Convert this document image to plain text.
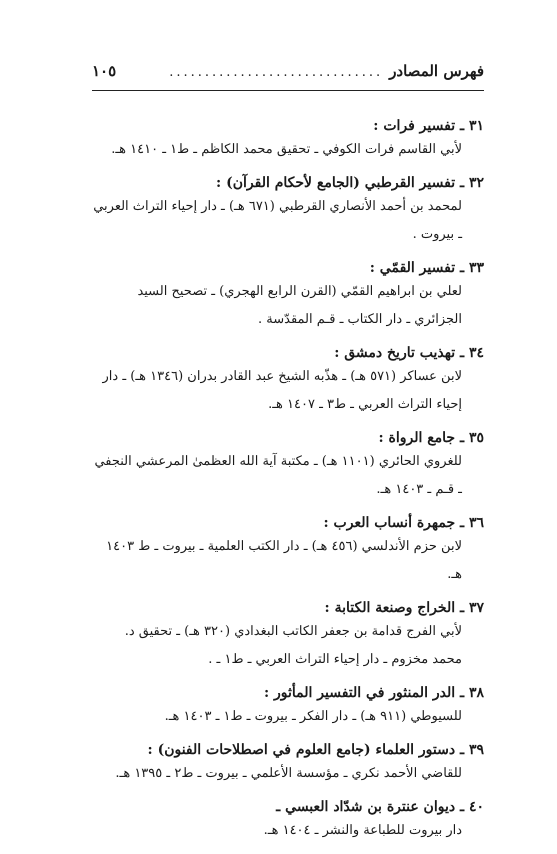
فهرس المصادر
..............................
١٠٥
٣١ ـ تفسير فرات :
لأبي القاسم فرات الكوفي ـ تحقيق محمد الكاظم ـ ط١ ـ ١٤١٠ هـ.
٣٢ ـ تفسير القرطبي (الجامع لأحكام القرآن) :
لمحمد بن أحمد الأنصاري القرطبي (٦٧١ هـ) ـ دار إحياء التراث العربي ـ بيروت .
٣٣ ـ تفسير القمّي :
لعلي بن ابراهيم القمّي (القرن الرابع الهجري) ـ تصحيح السيد الجزائري ـ دار الكتاب ـ قـم المقدّسة .
٣٤ ـ تهذيب تاريخ دمشق :
لابن عساكر (٥٧١ هـ) ـ هذّبه الشيخ عبد القادر بدران (١٣٤٦ هـ) ـ دار إحياء التراث العربي ـ ط٣ ـ ١٤٠٧ هـ.
٣٥ ـ جامع الرواة :
للغروي الحائري (١١٠١ هـ) ـ مكتبة آية الله العظمىٰ المرعشي النجفي ـ قـم ـ ١٤٠٣ هـ.
٣٦ ـ جمهرة أنساب العرب :
لابن حزم الأندلسي (٤٥٦ هـ) ـ دار الكتب العلمية ـ بيروت ـ ط ١٤٠٣ هـ.
٣٧ ـ الخراج وصنعة الكتابة :
لأبي الفرج قدامة بن جعفر الكاتب البغدادي (٣٢٠ هـ) ـ تحقيق د. محمد مخزوم ـ دار إحياء التراث العربي ـ ط١ ـ .
٣٨ ـ الدر المنثور في التفسير المأثور :
للسيوطي (٩١١ هـ) ـ دار الفكر ـ بيروت ـ ط١ ـ ١٤٠٣ هـ.
٣٩ ـ دستور العلماء (جامع العلوم في اصطلاحات الفنون) :
للقاضي الأحمد نكري ـ مؤسسة الأعلمي ـ بيروت ـ ط٢ ـ ١٣٩٥ هـ.
٤٠ ـ ديوان عنترة بن شدّاد العبسي ـ
دار بيروت للطباعة والنشر ـ ١٤٠٤ هـ.
